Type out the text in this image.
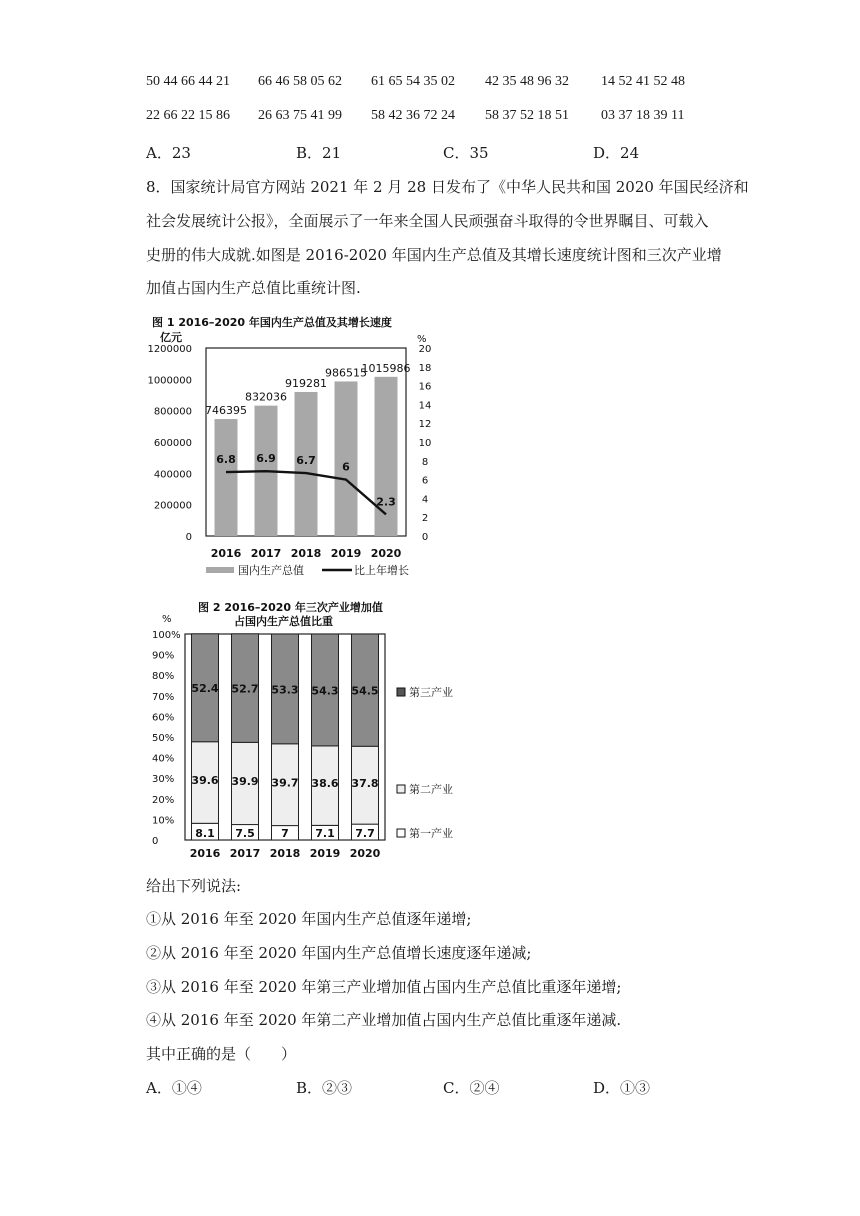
50 44 66 44 21 66 46 58 05 62 61 65 54 35 02 42 35 48 96 32 14 52 41 52 48
22 66 22 15 86 26 63 75 41 99 58 42 36 72 24 58 37 52 18 51 03 37 18 39 11
A．23	B．21	C．35	D．24
8．国家统计局官方网站 2021 年 2 月 28 日发布了《中华人民共和国 2020 年国民经济和
社会发展统计公报》，全面展示了一年来全国人民顽强奋斗取得的令世界瞩目、可载入
史册的伟大成就.如图是 2016-2020 年国内生产总值及其增长速度统计图和三次产业增
加值占国内生产总值比重统计图.
图 1 2016–2020 年国内生产总值及其增长速度
亿元	%
1200000
1000000
800000
600000
400000
200000
0
20
18
16
14
12
10
8
6
4
2
0
746395
832036
919281
986515
1015986
6.8 6.9 6.7
6
2.3
2016 2017 2018 2019 2020
国内生产总值	比上年增长
图 2 2016–2020 年三次产业增加值
占国内生产总值比重
%
100%
90%
80%
70%
60%
50%
40%
30%
20%
10%
0
8.1
39.6
52.4
7.5
39.9
52.7
7
39.7
53.3
7.1
38.6
54.3
7.7
37.8
54.5
2016 2017 2018 2019 2020
第三产业
第二产业
第一产业
给出下列说法:
①从 2016 年至 2020 年国内生产总值逐年递增;
②从 2016 年至 2020 年国内生产总值增长速度逐年递减;
③从 2016 年至 2020 年第三产业增加值占国内生产总值比重逐年递增;
④从 2016 年至 2020 年第二产业增加值占国内生产总值比重逐年递减.
其中正确的是（　　）
A．①④	B．②③	C．②④	D．①③
